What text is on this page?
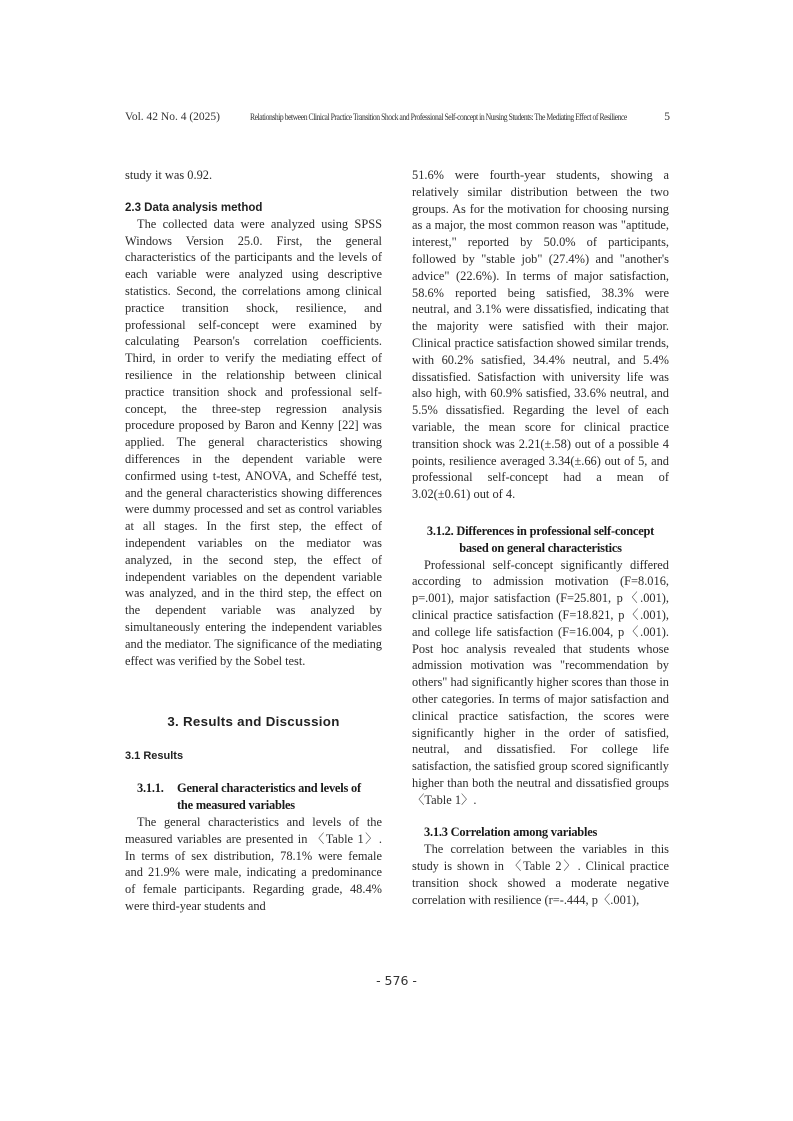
Vol. 42 No. 4 (2025)	Relationship between Clinical Practice Transition Shock and Professional Self-concept in Nursing Students: The Mediating Effect of Resilience	5

study it was 0.92.

2.3 Data analysis method

The collected data were analyzed using SPSS Windows Version 25.0. First, the general characteristics of the participants and the levels of each variable were analyzed using descriptive statistics. Second, the correlations among clinical practice transition shock, resilience, and professional self-concept were examined by calculating Pearson's correlation coefficients. Third, in order to verify the mediating effect of resilience in the relationship between clinical practice transition shock and professional self-concept, the three-step regression analysis procedure proposed by Baron and Kenny [22] was applied. The general characteristics showing differences in the dependent variable were confirmed using t-test, ANOVA, and Scheffé test, and the general characteristics showing differences were dummy processed and set as control variables at all stages. In the first step, the effect of independent variables on the mediator was analyzed, in the second step, the effect of independent variables on the dependent variable was analyzed, and in the third step, the effect on the dependent variable was analyzed by simultaneously entering the independent variables and the mediator. The significance of the mediating effect was verified by the Sobel test.

3. Results and Discussion
3.1 Results
3.1.1. General characteristics and levels of
the measured variables

The general characteristics and levels of the measured variables are presented in 〈Table 1〉. In terms of sex distribution, 78.1% were female and 21.9% were male, indicating a predominance of female participants. Regarding grade, 48.4% were third-year students and

51.6% were fourth-year students, showing a relatively similar distribution between the two groups. As for the motivation for choosing nursing as a major, the most common reason was "aptitude, interest," reported by 50.0% of participants, followed by "stable job" (27.4%) and "another's advice" (22.6%). In terms of major satisfaction, 58.6% reported being satisfied, 38.3% were neutral, and 3.1% were dissatisfied, indicating that the majority were satisfied with their major. Clinical practice satisfaction showed similar trends, with 60.2% satisfied, 34.4% neutral, and 5.4% dissatisfied. Satisfaction with university life was also high, with 60.9% satisfied, 33.6% neutral, and 5.5% dissatisfied. Regarding the level of each variable, the mean score for clinical practice transition shock was 2.21(±.58) out of a possible 4 points, resilience averaged 3.34(±.66) out of 5, and professional self-concept had a mean of 3.02(±0.61) out of 4.

3.1.2. Differences in professional self-concept
based on general characteristics

Professional self-concept significantly differed according to admission motivation (F=8.016, p=.001), major satisfaction (F=25.801, p〈.001), clinical practice satisfaction (F=18.821, p〈.001), and college life satisfaction (F=16.004, p〈.001). Post hoc analysis revealed that students whose admission motivation was "recommendation by others" had significantly higher scores than those in other categories. In terms of major satisfaction and clinical practice satisfaction, the scores were significantly higher in the order of satisfied, neutral, and dissatisfied. For college life satisfaction, the satisfied group scored significantly higher than both the neutral and dissatisfied groups 〈Table 1〉.

3.1.3 Correlation among variables

The correlation between the variables in this study is shown in 〈Table 2〉. Clinical practice transition shock showed a moderate negative correlation with resilience (r=-.444, p〈.001),

- 576 -
